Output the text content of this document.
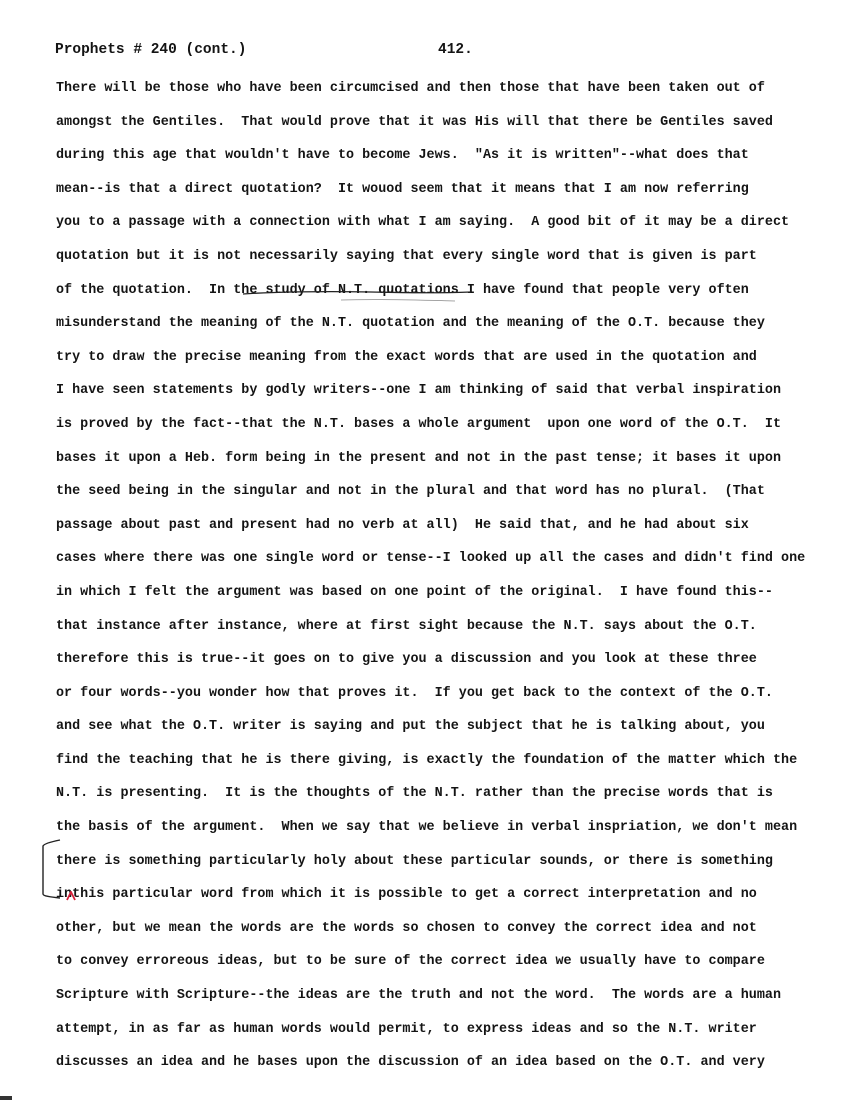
Prophets # 240 (cont.)	412.
There will be those who have been circumcised and then those that have been taken out of
amongst the Gentiles.  That would prove that it was His will that there be Gentiles saved
during this age that wouldn't have to become Jews.  "As it is written"--what does that
mean--is that a direct quotation?  It wouod seem that it means that I am now referring
you to a passage with a connection with what I am saying.  A good bit of it may be a direct
quotation but it is not necessarily saying that every single word that is given is part
of the quotation.  In the study of N.T. quotations I have found that people very often
misunderstand the meaning of the N.T. quotation and the meaning of the O.T. because they
try to draw the precise meaning from the exact words that are used in the quotation and
I have seen statements by godly writers--one I am thinking of said that verbal inspiration
is proved by the fact--that the N.T. bases a whole argument  upon one word of the O.T.  It
bases it upon a Heb. form being in the present and not in the past tense; it bases it upon
the seed being in the singular and not in the plural and that word has no plural.  (That
passage about past and present had no verb at all)  He said that, and he had about six
cases where there was one single word or tense--I looked up all the cases and didn't find one
in which I felt the argument was based on one point of the original.  I have found this--
that instance after instance, where at first sight because the N.T. says about the O.T.
therefore this is true--it goes on to give you a discussion and you look at these three
or four words--you wonder how that proves it.  If you get back to the context of the O.T.
and see what the O.T. writer is saying and put the subject that he is talking about, you
find the teaching that he is there giving, is exactly the foundation of the matter which the
N.T. is presenting.  It is the thoughts of the N.T. rather than the precise words that is
the basis of the argument.  When we say that we believe in verbal inspriation, we don't mean
there is something particularly holy about these particular sounds, or there is something
inthis particular word from which it is possible to get a correct interpretation and no
other, but we mean the words are the words so chosen to convey the correct idea and not
to convey erroreous ideas, but to be sure of the correct idea we usually have to compare
Scripture with Scripture--the ideas are the truth and not the word.  The words are a human
attempt, in as far as human words would permit, to express ideas and so the N.T. writer
discusses an idea and he bases upon the discussion of an idea based on the O.T. and very
